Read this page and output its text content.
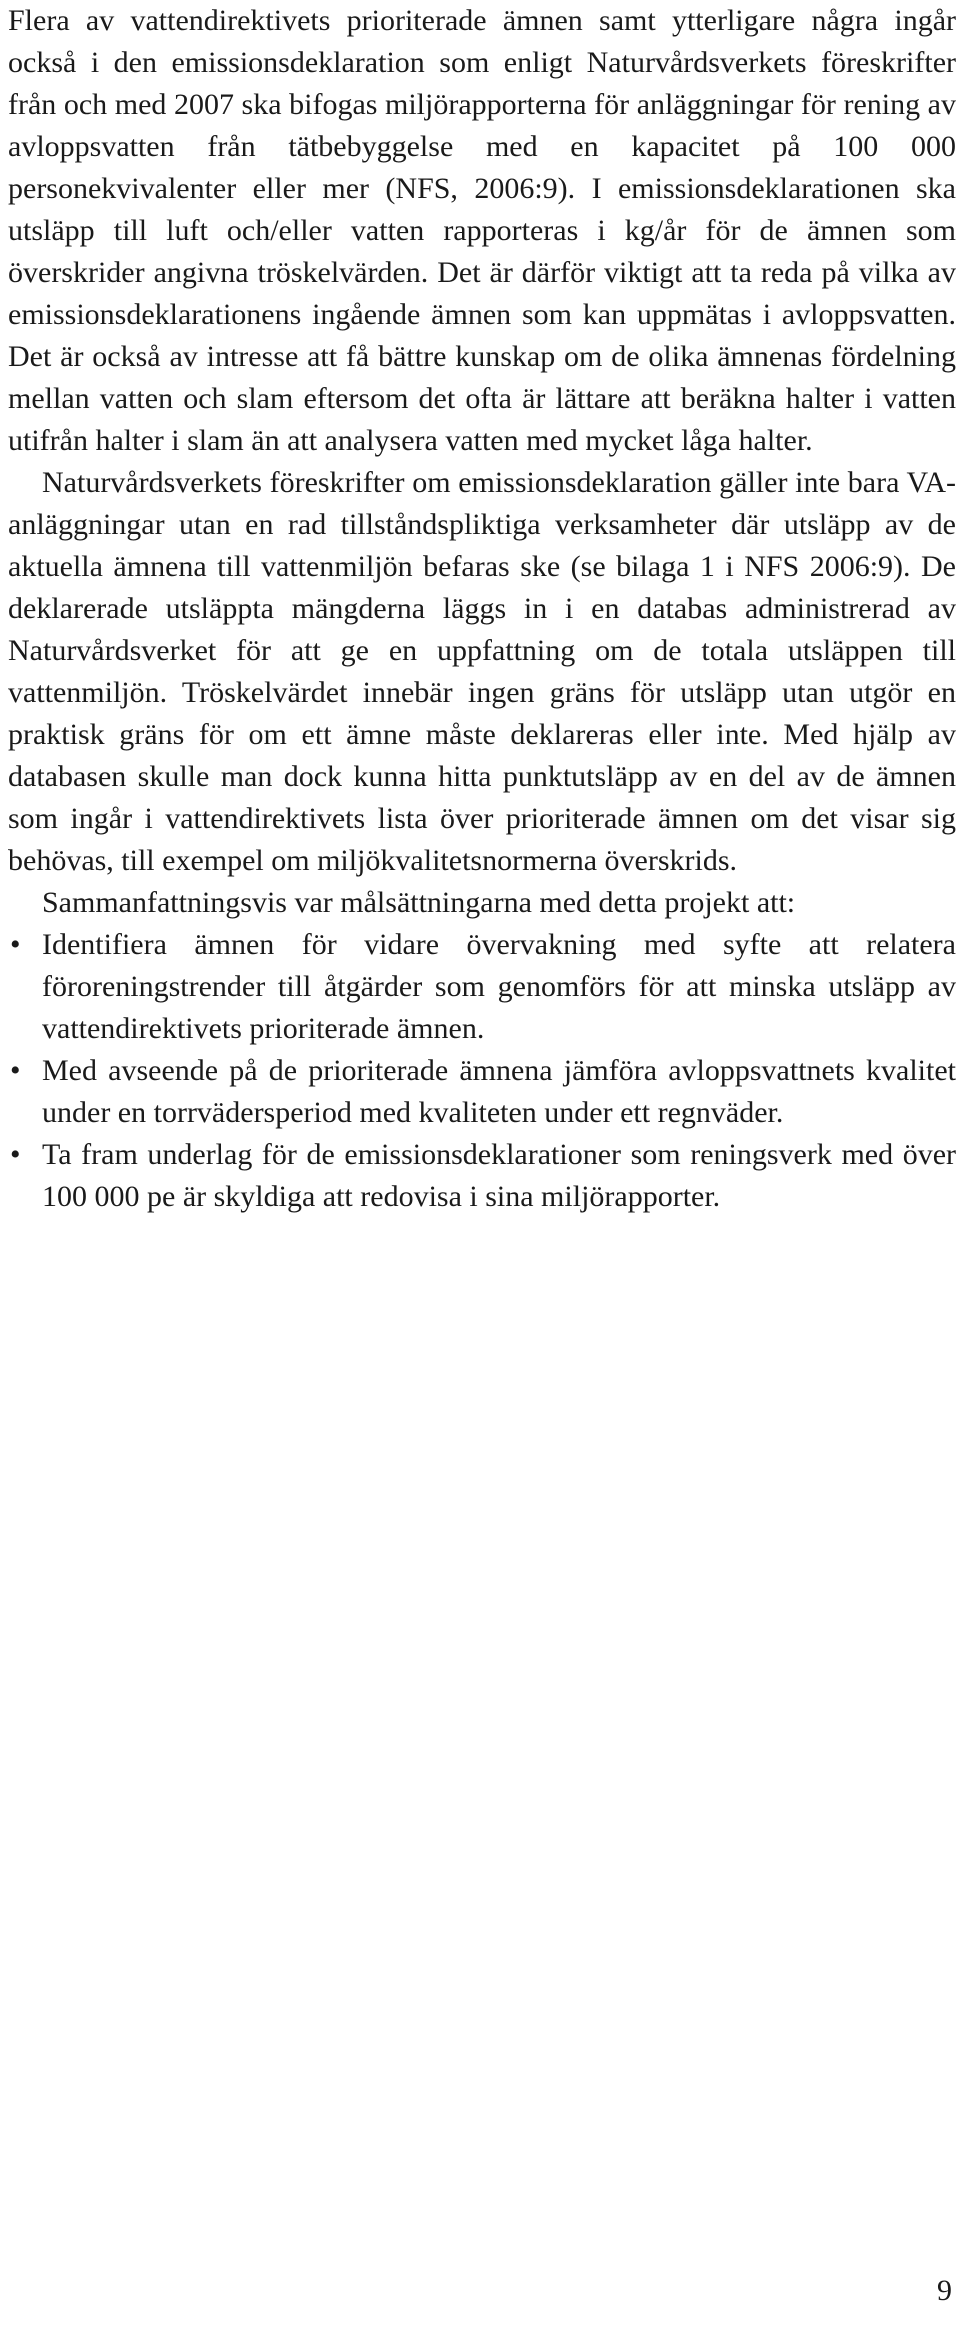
Flera av vattendirektivets prioriterade ämnen samt ytterligare några ingår också i den emissionsdeklaration som enligt Naturvårdsverkets föreskrifter från och med 2007 ska bifogas miljörapporterna för anläggningar för rening av avloppsvatten från tätbebyggelse med en kapacitet på 100 000 personekvivalenter eller mer (NFS, 2006:9). I emissionsdeklarationen ska utsläpp till luft och/eller vatten rapporteras i kg/år för de ämnen som överskrider angivna tröskelvärden. Det är därför viktigt att ta reda på vilka av emissionsdeklarationens ingående ämnen som kan uppmätas i avloppsvatten. Det är också av intresse att få bättre kunskap om de olika ämnenas fördelning mellan vatten och slam eftersom det ofta är lättare att beräkna halter i vatten utifrån halter i slam än att analysera vatten med mycket låga halter.

Naturvårdsverkets föreskrifter om emissionsdeklaration gäller inte bara VA-anläggningar utan en rad tillståndspliktiga verksamheter där utsläpp av de aktuella ämnena till vattenmiljön befaras ske (se bilaga 1 i NFS 2006:9). De deklarerade utsläppta mängderna läggs in i en databas administrerad av Naturvårdsverket för att ge en uppfattning om de totala utsläppen till vattenmiljön. Tröskelvärdet innebär ingen gräns för utsläpp utan utgör en praktisk gräns för om ett ämne måste deklareras eller inte. Med hjälp av databasen skulle man dock kunna hitta punktutsläpp av en del av de ämnen som ingår i vattendirektivets lista över prioriterade ämnen om det visar sig behövas, till exempel om miljökvalitetsnormerna överskrids.

Sammanfattningsvis var målsättningarna med detta projekt att:

• Identifiera ämnen för vidare övervakning med syfte att relatera föroreningstrender till åtgärder som genomförs för att minska utsläpp av vattendirektivets prioriterade ämnen.
• Med avseende på de prioriterade ämnena jämföra avloppsvattnets kvalitet under en torrvädersperiod med kvaliteten under ett regnväder.
• Ta fram underlag för de emissionsdeklarationer som reningsverk med över 100 000 pe är skyldiga att redovisa i sina miljörapporter.
9
